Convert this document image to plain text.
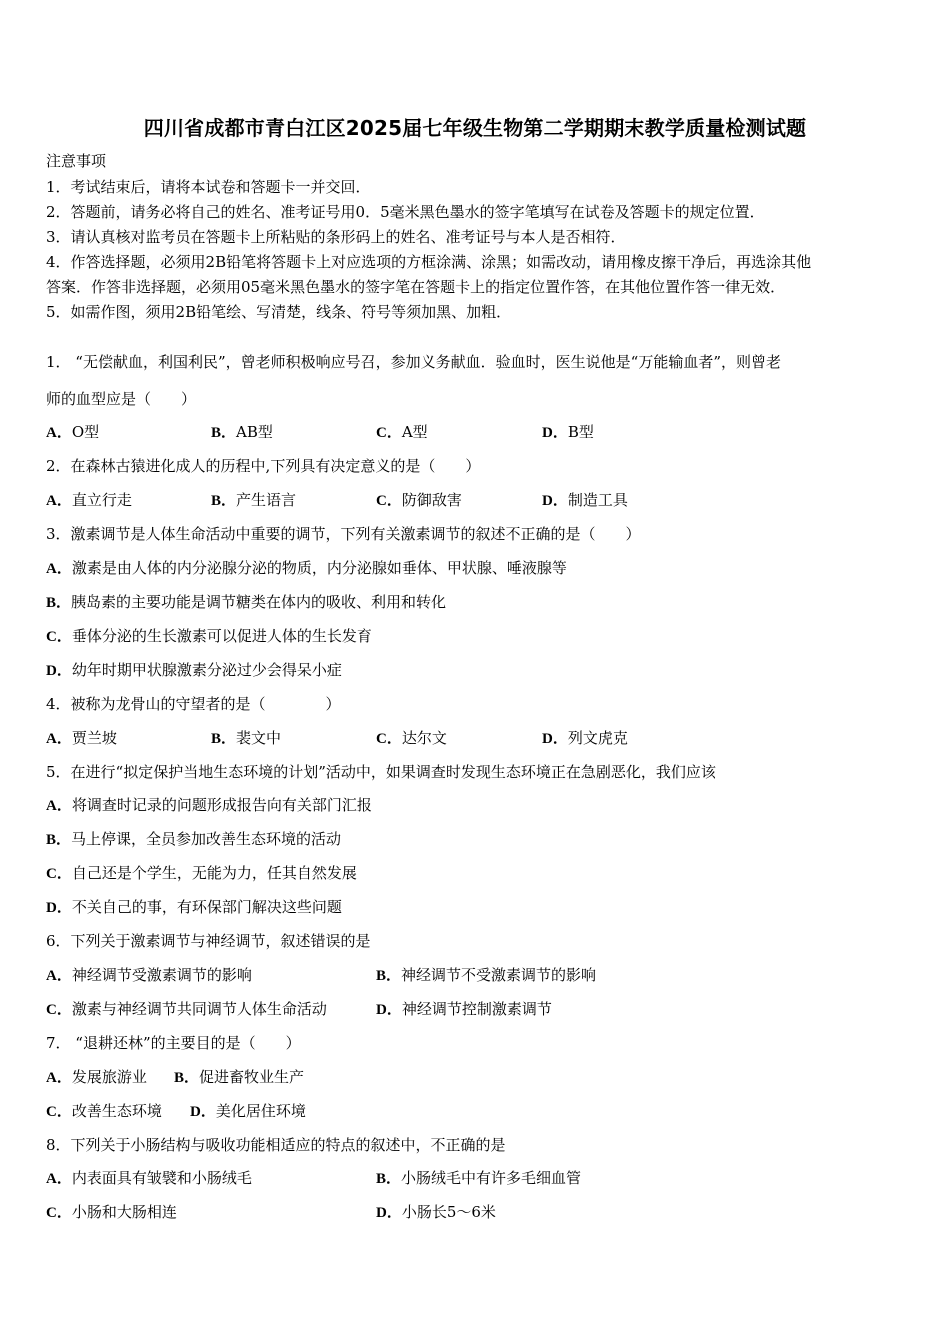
四川省成都市青白江区2025届七年级生物第二学期期末教学质量检测试题
注意事项
1．考试结束后，请将本试卷和答题卡一并交回．
2．答题前，请务必将自己的姓名、准考证号用0．5毫米黑色墨水的签字笔填写在试卷及答题卡的规定位置．
3．请认真核对监考员在答题卡上所粘贴的条形码上的姓名、准考证号与本人是否相符．
4．作答选择题，必须用2B铅笔将答题卡上对应选项的方框涂满、涂黑；如需改动，请用橡皮擦干净后，再选涂其他
答案．作答非选择题，必须用05毫米黑色墨水的签字笔在答题卡上的指定位置作答，在其他位置作答一律无效．
5．如需作图，须用2B铅笔绘、写清楚，线条、符号等须加黑、加粗．
1． “无偿献血，利国利民”，曾老师积极响应号召，参加义务献血．验血时，医生说他是“万能输血者”，则曾老
师的血型应是（　　）
A．O型	B．AB型	C．A型	D．B型
2．在森林古猿进化成人的历程中,下列具有决定意义的是（　　）
A．直立行走	B．产生语言	C．防御敌害	D．制造工具
3．激素调节是人体生命活动中重要的调节，下列有关激素调节的叙述不正确的是（　　）
A．激素是由人体的内分泌腺分泌的物质，内分泌腺如垂体、甲状腺、唾液腺等
B．胰岛素的主要功能是调节糖类在体内的吸收、利用和转化
C．垂体分泌的生长激素可以促进人体的生长发育
D．幼年时期甲状腺激素分泌过少会得呆小症
4．被称为龙骨山的守望者的是（　　　　）
A．贾兰坡	B．裴文中	C．达尔文	D．列文虎克
5．在进行“拟定保护当地生态环境的计划”活动中，如果调查时发现生态环境正在急剧恶化，我们应该
A．将调查时记录的问题形成报告向有关部门汇报
B．马上停课，全员参加改善生态环境的活动
C．自己还是个学生，无能为力，任其自然发展
D．不关自己的事，有环保部门解决这些问题
6．下列关于激素调节与神经调节，叙述错误的是
A．神经调节受激素调节的影响	B．神经调节不受激素调节的影响
C．激素与神经调节共同调节人体生命活动	D．神经调节控制激素调节
7． “退耕还林”的主要目的是（　　）
A．发展旅游业 B．促进畜牧业生产
C．改善生态环境 D．美化居住环境
8．下列关于小肠结构与吸收功能相适应的特点的叙述中，不正确的是
A．内表面具有皱襞和小肠绒毛	B．小肠绒毛中有许多毛细血管
C．小肠和大肠相连	D．小肠长5～6米
